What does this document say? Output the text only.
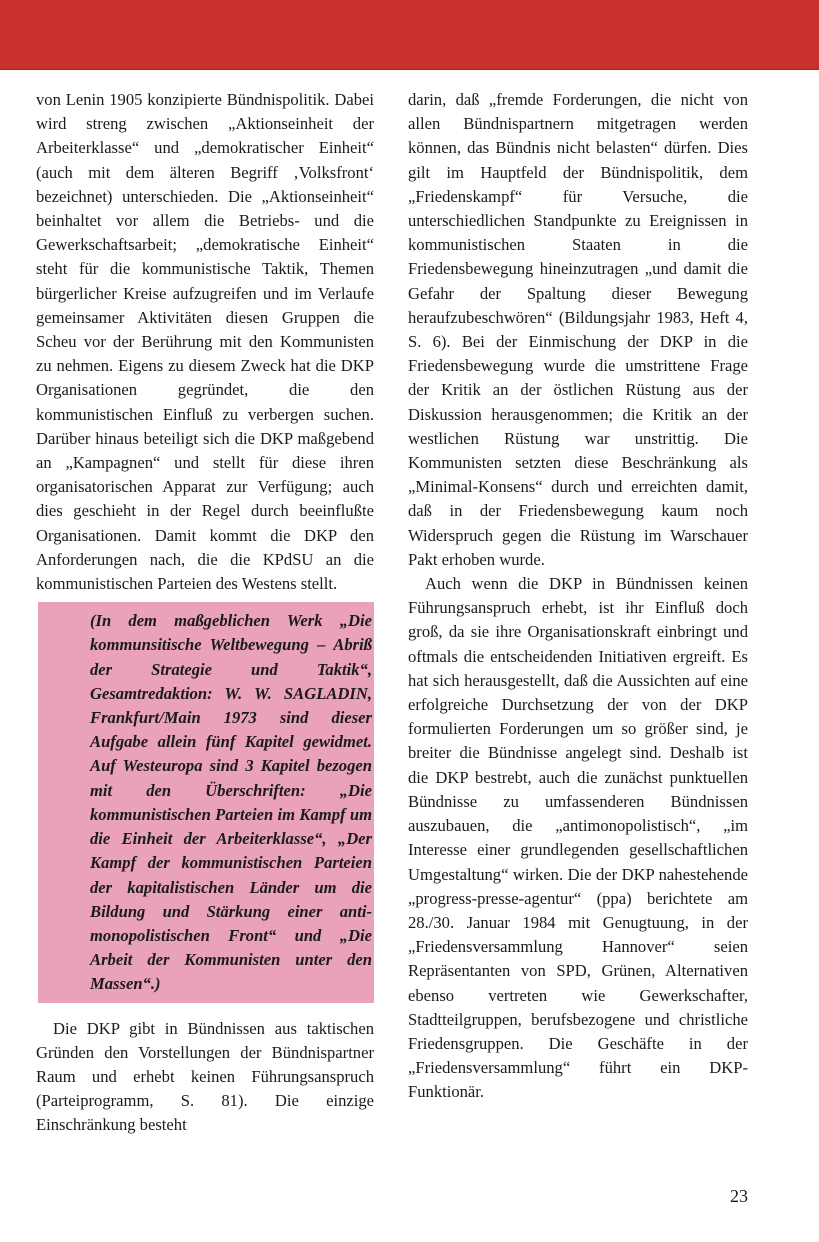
von Lenin 1905 konzipierte Bündnispolitik. Dabei wird streng zwischen „Aktionseinheit der Arbeiterklasse“ und „demokratischer Einheit“ (auch mit dem älteren Begriff ‚Volksfront‘ bezeichnet) unterschieden. Die „Aktionseinheit“ beinhaltet vor allem die Betriebs- und die Gewerkschaftsarbeit; „demokratische Einheit“ steht für die kommunistische Taktik, Themen bürgerlicher Kreise aufzugreifen und im Verlaufe gemeinsamer Aktivitäten diesen Gruppen die Scheu vor der Berührung mit den Kommunisten zu nehmen. Eigens zu diesem Zweck hat die DKP Organisationen gegründet, die den kommunistischen Einfluß zu verbergen suchen. Darüber hinaus beteiligt sich die DKP maßgebend an „Kampagnen“ und stellt für diese ihren organisatorischen Apparat zur Verfügung; auch dies geschieht in der Regel durch beeinflußte Organisationen. Damit kommt die DKP den Anforderungen nach, die die KPdSU an die kommunistischen Parteien des Westens stellt.

(In dem maßgeblichen Werk „Die kommunsitische Weltbewegung – Abriß der Strategie und Taktik“, Gesamtredaktion: W. W. SAGLADIN, Frankfurt/Main 1973 sind dieser Aufgabe allein fünf Kapitel gewidmet. Auf Westeuropa sind 3 Kapitel bezogen mit den Überschriften: „Die kommunistischen Parteien im Kampf um die Einheit der Arbeiterklasse“, „Der Kampf der kommunistischen Parteien der kapitalistischen Länder um die Bildung und Stärkung einer anti-monopolistischen Front“ und „Die Arbeit der Kommunisten unter den Massen“.)

Die DKP gibt in Bündnissen aus taktischen Gründen den Vorstellungen der Bündnispartner Raum und erhebt keinen Führungsanspruch (Parteiprogramm, S. 81). Die einzige Einschränkung besteht

darin, daß „fremde Forderungen, die nicht von allen Bündnispartnern mitgetragen werden können, das Bündnis nicht belasten“ dürfen. Dies gilt im Hauptfeld der Bündnispolitik, dem „Friedenskampf“ für Versuche, die unterschiedlichen Standpunkte zu Ereignissen in kommunistischen Staaten in die Friedensbewegung hineinzutragen „und damit die Gefahr der Spaltung dieser Bewegung heraufzubeschwören“ (Bildungsjahr 1983, Heft 4, S. 6). Bei der Einmischung der DKP in die Friedensbewegung wurde die umstrittene Frage der Kritik an der östlichen Rüstung aus der Diskussion herausgenommen; die Kritik an der westlichen Rüstung war unstrittig. Die Kommunisten setzten diese Beschränkung als „Minimal-Konsens“ durch und erreichten damit, daß in der Friedensbewegung kaum noch Widerspruch gegen die Rüstung im Warschauer Pakt erhoben wurde.

Auch wenn die DKP in Bündnissen keinen Führungsanspruch erhebt, ist ihr Einfluß doch groß, da sie ihre Organisationskraft einbringt und oftmals die entscheidenden Initiativen ergreift. Es hat sich herausgestellt, daß die Aussichten auf eine erfolgreiche Durchsetzung der von der DKP formulierten Forderungen um so größer sind, je breiter die Bündnisse angelegt sind. Deshalb ist die DKP bestrebt, auch die zunächst punktuellen Bündnisse zu umfassenderen Bündnissen auszubauen, die „antimonopolistisch“, „im Interesse einer grundlegenden gesellschaftlichen Umgestaltung“ wirken. Die der DKP nahestehende „progress-presse-agentur“ (ppa) berichtete am 28./30. Januar 1984 mit Genugtuung, in der „Friedensversammlung Hannover“ seien Repräsentanten von SPD, Grünen, Alternativen ebenso vertreten wie Gewerkschafter, Stadtteilgruppen, berufsbezogene und christliche Friedensgruppen. Die Geschäfte in der „Friedensversammlung“ führt ein DKP-Funktionär.

23
